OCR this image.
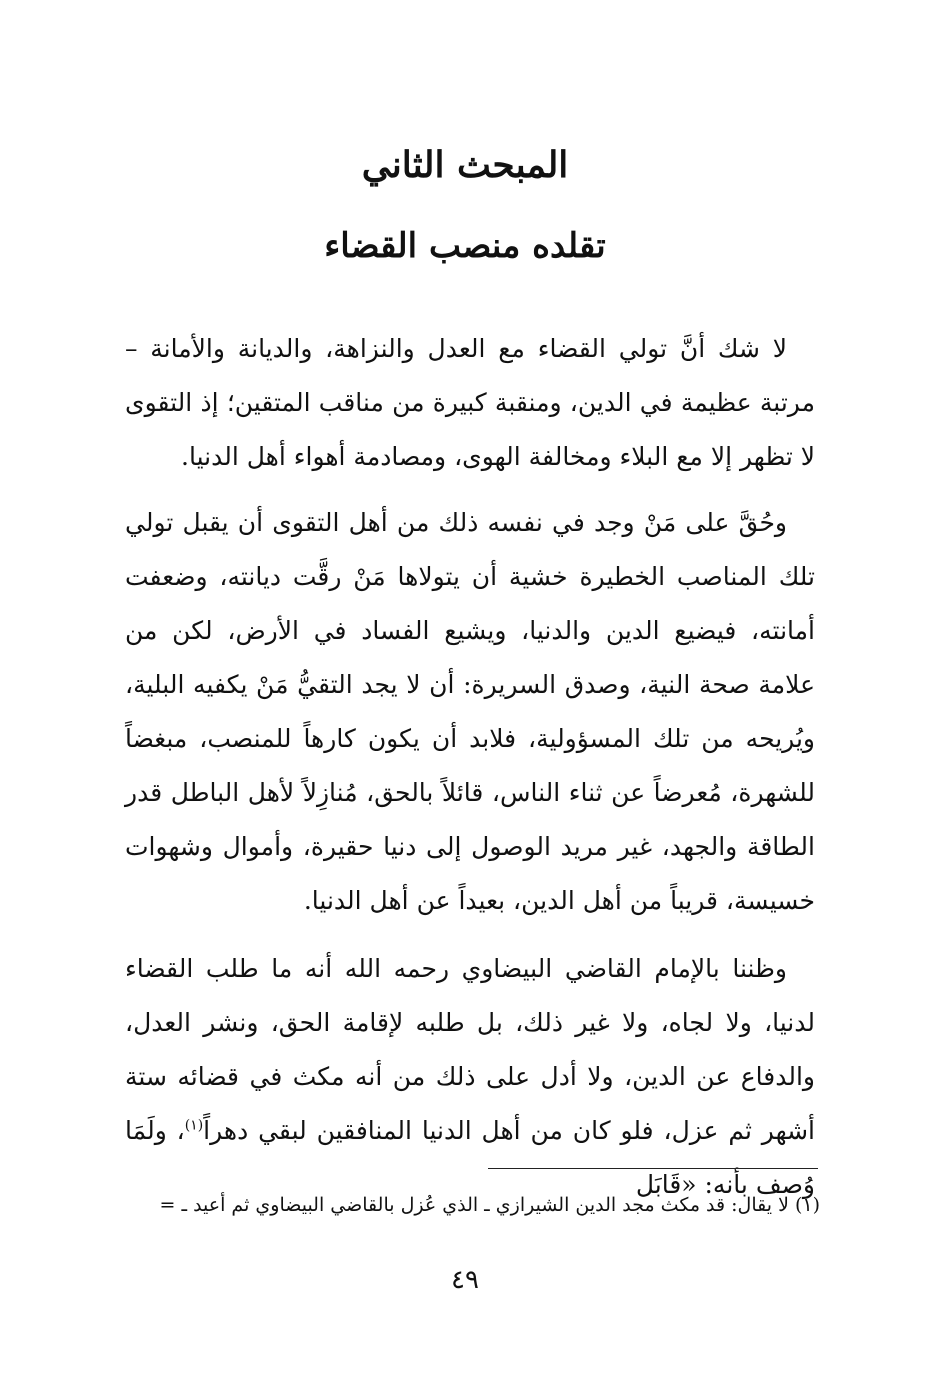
المبحث الثاني
تقلده منصب القضاء

لا شك أنَّ تولي القضاء مع العدل والنزاهة، والديانة والأمانة – مرتبة عظيمة في الدين، ومنقبة كبيرة من مناقب المتقين؛ إذ التقوى لا تظهر إلا مع البلاء ومخالفة الهوى، ومصادمة أهواء أهل الدنيا.

وحُقَّ على مَنْ وجد في نفسه ذلك من أهل التقوى أن يقبل تولي تلك المناصب الخطيرة خشية أن يتولاها مَنْ رقَّت ديانته، وضعفت أمانته، فيضيع الدين والدنيا، ويشيع الفساد في الأرض، لكن من علامة صحة النية، وصدق السريرة: أن لا يجد التقيُّ مَنْ يكفيه البلية، ويُريحه من تلك المسؤولية، فلابد أن يكون كارهاً للمنصب، مبغضاً للشهرة، مُعرضاً عن ثناء الناس، قائلاً بالحق، مُنازِلاً لأهل الباطل قدر الطاقة والجهد، غير مريد الوصول إلى دنيا حقيرة، وأموال وشهوات خسيسة، قريباً من أهل الدين، بعيداً عن أهل الدنيا.

وظننا بالإمام القاضي البيضاوي رحمه الله أنه ما طلب القضاء لدنيا، ولا لجاه، ولا غير ذلك، بل طلبه لإقامة الحق، ونشر العدل، والدفاع عن الدين، ولا أدل على ذلك من أنه مكث في قضائه ستة أشهر ثم عزل، فلو كان من أهل الدنيا المنافقين لبقي دهراً$^{(١)}$، ولَمَا وُصف بأنه: «قَابَل

(١) لا يقال: قد مكث مجد الدين الشيرازي ـ الذي عُزل بالقاضي البيضاوي ثم أعيد ـ =
٤٩
